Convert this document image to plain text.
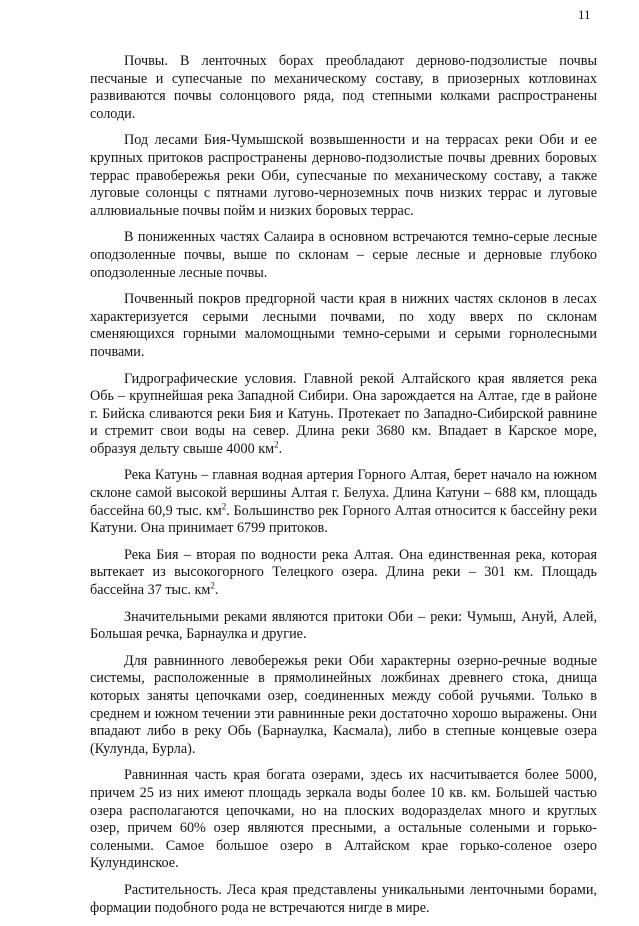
11

Почвы. В ленточных борах преобладают дерново-подзолистые почвы песчаные и супесчаные по механическому составу, в приозерных котловинах развиваются почвы солонцового ряда, под степными колками распространены солоди.

Под лесами Бия-Чумышской возвышенности и на террасах реки Оби и ее крупных притоков распространены дерново-подзолистые почвы древних боровых террас правобережья реки Оби, супесчаные по механическому составу, а также луговые солонцы с пятнами лугово-черноземных почв низких террас и луговые аллювиальные почвы пойм и низких боровых террас.

В пониженных частях Салаира в основном встречаются темно-серые лесные оподзоленные почвы, выше по склонам – серые лесные и дерновые глубоко оподзоленные лесные почвы.

Почвенный покров предгорной части края в нижних частях склонов в лесах характеризуется серыми лесными почвами, по ходу вверх по склонам сменяющихся горными маломощными темно-серыми и серыми горнолесными почвами.

Гидрографические условия. Главной рекой Алтайского края является река Обь – крупнейшая река Западной Сибири. Она зарождается на Алтае, где в районе г. Бийска сливаются реки Бия и Катунь. Протекает по Западно-Сибирской равнине и стремит свои воды на север. Длина реки 3680 км. Впадает в Карское море, образуя дельту свыше 4000 $км^2$.

Река Катунь – главная водная артерия Горного Алтая, берет начало на южном склоне самой высокой вершины Алтая г. Белуха. Длина Катуни – 688 км, площадь бассейна 60,9 тыс. $км^2$. Большинство рек Горного Алтая относится к бассейну реки Катуни. Она принимает 6799 притоков.

Река Бия – вторая по водности река Алтая. Она единственная река, которая вытекает из высокогорного Телецкого озера. Длина реки – 301 км. Площадь бассейна 37 тыс. $км^2$.

Значительными реками являются притоки Оби – реки: Чумыш, Ануй, Алей, Большая речка, Барнаулка и другие.

Для равнинного левобережья реки Оби характерны озерно-речные водные системы, расположенные в прямолинейных ложбинах древнего стока, днища которых заняты цепочками озер, соединенных между собой ручьями. Только в среднем и южном течении эти равнинные реки достаточно хорошо выражены. Они впадают либо в реку Обь (Барнаулка, Касмала), либо в степные концевые озера (Кулунда, Бурла).

Равнинная часть края богата озерами, здесь их насчитывается более 5000, причем 25 из них имеют площадь зеркала воды более 10 кв. км. Большей частью озера располагаются цепочками, но на плоских водоразделах много и круглых озер, причем 60% озер являются пресными, а остальные солеными и горько-солеными. Самое большое озеро в Алтайском крае горько-соленое озеро Кулундинское.

Растительность. Леса края представлены уникальными ленточными борами, формации подобного рода не встречаются нигде в мире.
